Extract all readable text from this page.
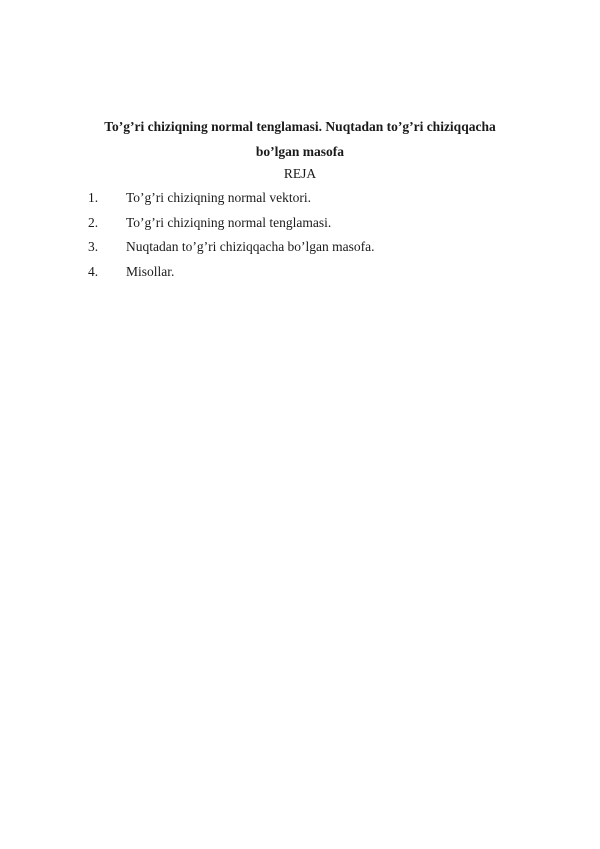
To’g’ri chiziqning normal tenglamasi. Nuqtadan to’g’ri chiziqqacha

bo’lgan masofa

REJA

1.	To’g’ri chiziqning normal vektori.
2.	To’g’ri chiziqning normal tenglamasi.
3.	Nuqtadan to’g’ri chiziqqacha bo’lgan masofa.
4.	Misollar.
